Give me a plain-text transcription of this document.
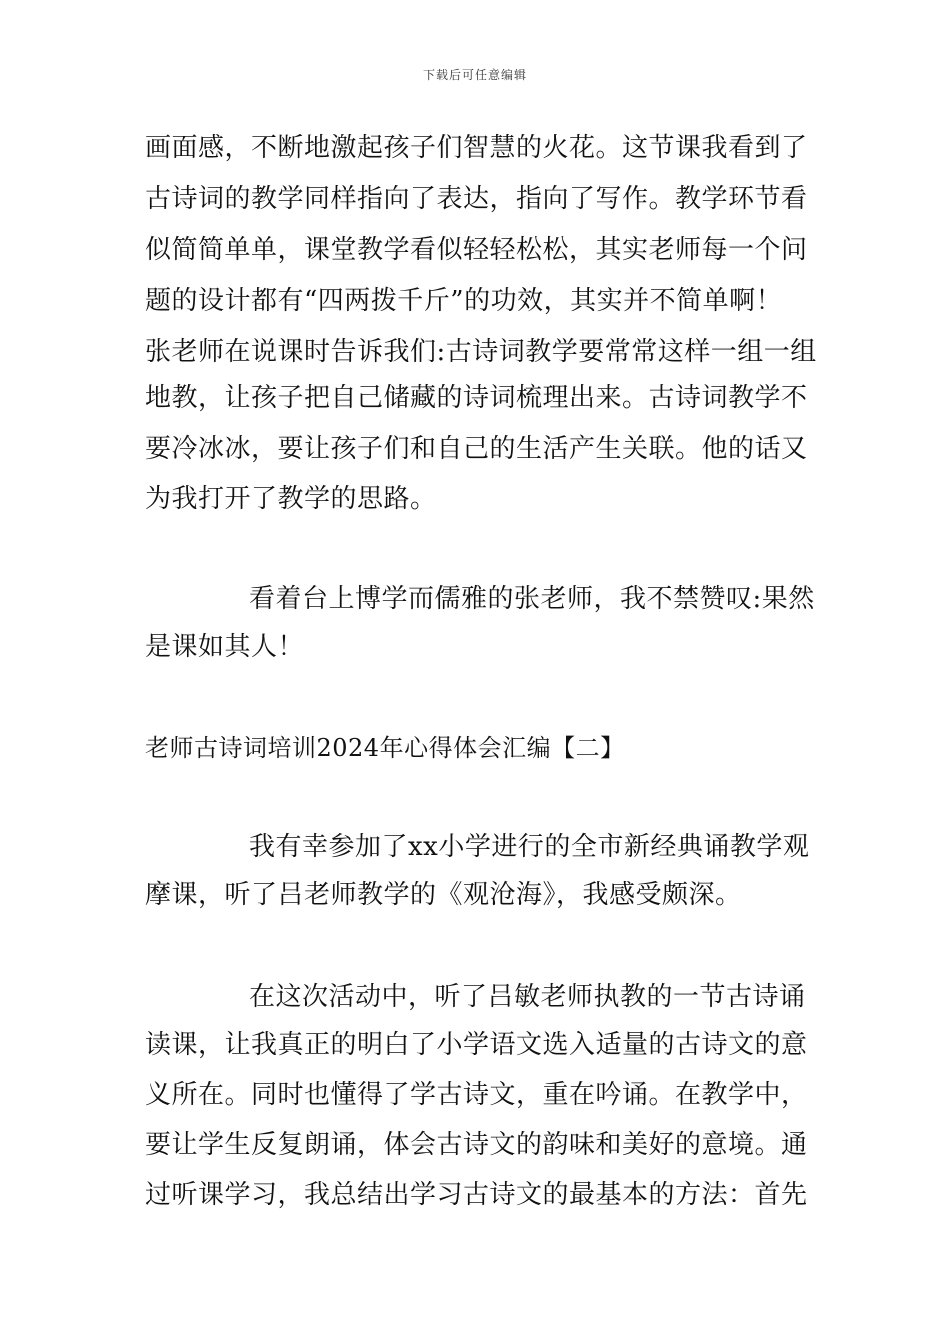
下载后可任意编辑
画面感，不断地激起孩子们智慧的火花。这节课我看到了
古诗词的教学同样指向了表达，指向了写作。教学环节看
似简简单单，课堂教学看似轻轻松松，其实老师每一个问
题的设计都有“四两拨千斤”的功效，其实并不简单啊！
张老师在说课时告诉我们:古诗词教学要常常这样一组一组
地教，让孩子把自己储藏的诗词梳理出来。古诗词教学不
要冷冰冰，要让孩子们和自己的生活产生关联。他的话又
为我打开了教学的思路。
看着台上博学而儒雅的张老师，我不禁赞叹:果然
是课如其人！
老师古诗词培训2024年心得体会汇编【二】
我有幸参加了xx小学进行的全市新经典诵教学观
摩课，听了吕老师教学的《观沧海》，我感受颇深。
在这次活动中，听了吕敏老师执教的一节古诗诵
读课，让我真正的明白了小学语文选入适量的古诗文的意
义所在。同时也懂得了学古诗文，重在吟诵。在教学中，
要让学生反复朗诵，体会古诗文的韵味和美好的意境。通
过听课学习，我总结出学习古诗文的最基本的方法：首先
